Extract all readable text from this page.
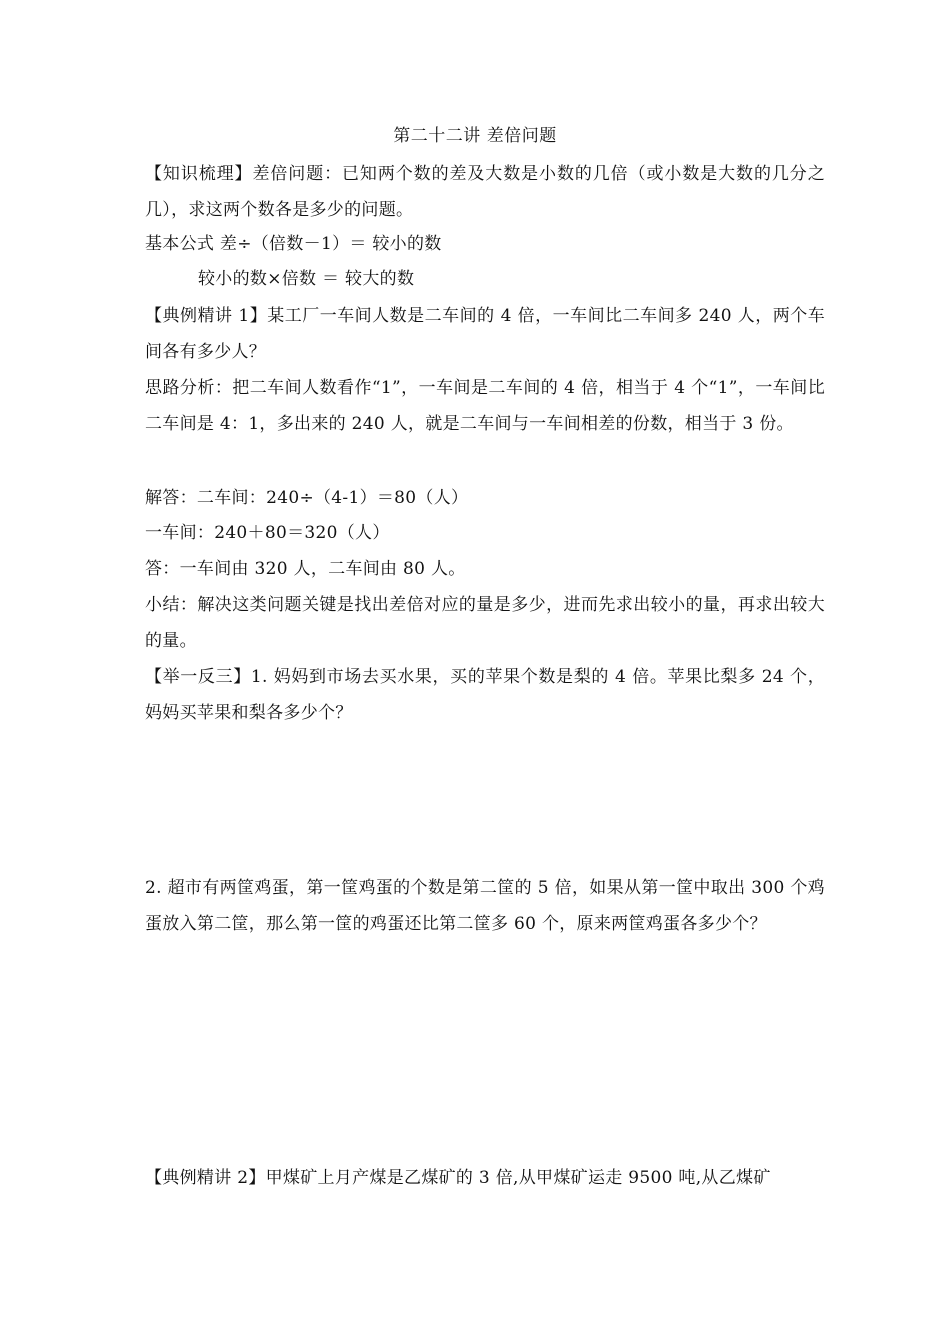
第二十二讲 差倍问题
【知识梳理】差倍问题：已知两个数的差及大数是小数的几倍（或小数是大数的几分之几），求这两个数各是多少的问题。
基本公式 差÷（倍数－1）＝ 较小的数
较小的数×倍数 ＝ 较大的数
【典例精讲 1】某工厂一车间人数是二车间的 4 倍，一车间比二车间多 240 人，两个车间各有多少人？
思路分析：把二车间人数看作“1”，一车间是二车间的 4 倍，相当于 4 个“1”，一车间比二车间是 4：1，多出来的 240 人，就是二车间与一车间相差的份数，相当于 3 份。
解答：二车间：240÷（4-1）＝80（人）
一车间：240＋80＝320（人）
答：一车间由 320 人，二车间由 80 人。
小结：解决这类问题关键是找出差倍对应的量是多少，进而先求出较小的量，再求出较大的量。
【举一反三】1. 妈妈到市场去买水果，买的苹果个数是梨的 4 倍。苹果比梨多 24 个，妈妈买苹果和梨各多少个？
2. 超市有两筐鸡蛋，第一筐鸡蛋的个数是第二筐的 5 倍，如果从第一筐中取出 300 个鸡蛋放入第二筐，那么第一筐的鸡蛋还比第二筐多 60 个，原来两筐鸡蛋各多少个？
【典例精讲 2】甲煤矿上月产煤是乙煤矿的 3 倍,从甲煤矿运走 9500 吨,从乙煤矿
